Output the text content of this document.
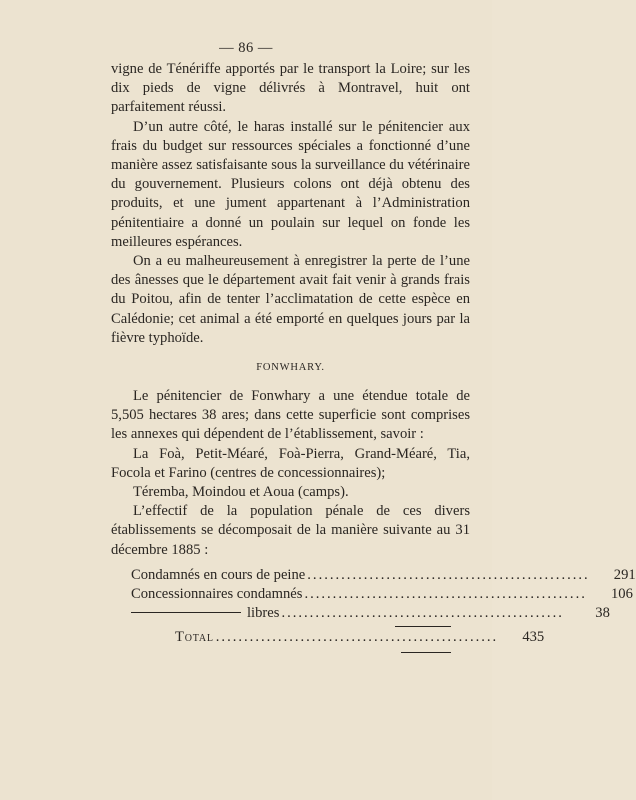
— 86 —

vigne de Ténériffe apportés par le transport la Loire; sur les dix pieds de vigne délivrés à Montravel, huit ont parfaitement réussi.

D’un autre côté, le haras installé sur le pénitencier aux frais du budget sur ressources spéciales a fonctionné d’une manière assez satisfaisante sous la surveillance du vétérinaire du gouvernement. Plusieurs colons ont déjà obtenu des produits, et une jument appartenant à l’Administration pénitentiaire a donné un poulain sur lequel on fonde les meilleures espérances.

On a eu malheureusement à enregistrer la perte de l’une des ânesses que le département avait fait venir à grands frais du Poitou, afin de tenter l’acclimatation de cette espèce en Calédonie; cet animal a été emporté en quelques jours par la fièvre typhoïde.

FONWHARY.

Le pénitencier de Fonwhary a une étendue totale de 5,505 hectares 38 ares; dans cette superficie sont comprises les annexes qui dépendent de l’établissement, savoir :

La Foà, Petit-Méaré, Foà-Pierra, Grand-Méaré, Tia, Focola et Farino (centres de concessionnaires);

Téremba, Moindou et Aoua (camps).

L’effectif de la population pénale de ces divers établissements se décomposait de la manière suivante au 31 décembre 1885 :

Condamnés en cours de peine ..................................................	291
Concessionnaires condamnés ..................................................	106
libres ..................................................	38
Total ..................................................	435
